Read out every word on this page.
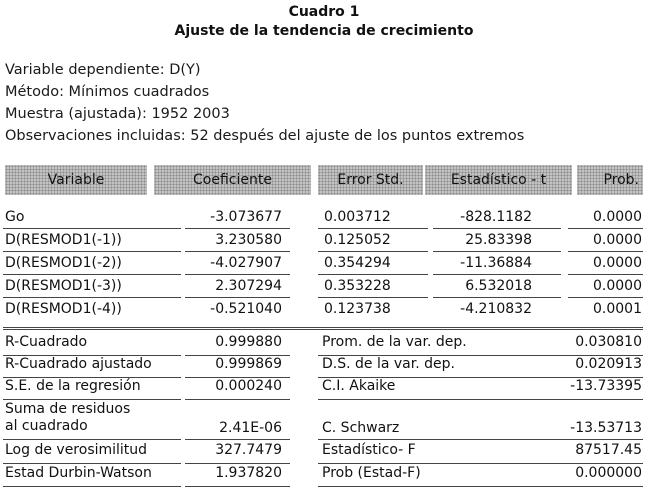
Cuadro 1
Ajuste de la tendencia de crecimiento
Variable dependiente: D(Y)
Método: Mínimos cuadrados
Muestra (ajustada): 1952 2003
Observaciones incluidas: 52 después del ajuste de los puntos extremos
Variable	Coeficiente	Error Std.	Estadístico - t	Prob.
Go	-3.073677	0.003712	-828.1182	0.0000
D(RESMOD1(-1))	3.230580	0.125052	25.83398	0.0000
D(RESMOD1(-2))	-4.027907	0.354294	-11.36884	0.0000
D(RESMOD1(-3))	2.307294	0.353228	6.532018	0.0000
D(RESMOD1(-4))	-0.521040	0.123738	-4.210832	0.0001
R-Cuadrado	0.999880	Prom. de la var. dep.	0.030810
R-Cuadrado ajustado	0.999869	D.S. de la var. dep.	0.020913
S.E. de la regresión	0.000240	C.I. Akaike	-13.73395
Suma de residuos
al cuadrado	2.41E-06	C. Schwarz	-13.53713
Log de verosimilitud	327.7479	Estadístico- F	87517.45
Estad Durbin-Watson	1.937820	Prob (Estad-F)	0.000000
